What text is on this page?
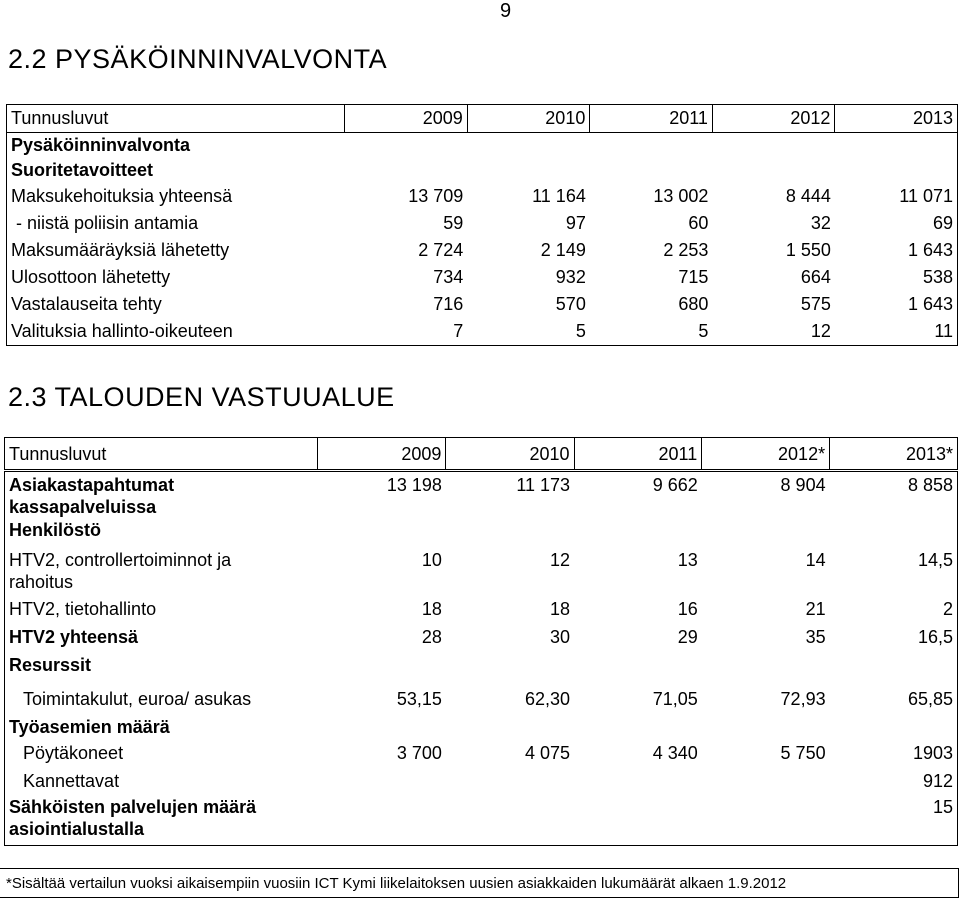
9
2.2 PYSÄKÖINNINVALVONTA
Tunnusluvut	2009	2010	2011	2012	2013
Pysäköinninvalvonta					
Suoritetavoitteet					
Maksukehoituksia yhteensä	13 709	11 164	13 002	8 444	11 071
- niistä poliisin antamia	59	97	60	32	69
Maksumääräyksiä lähetetty	2 724	2 149	2 253	1 550	1 643
Ulosottoon lähetetty	734	932	715	664	538
Vastalauseita tehty	716	570	680	575	1 643
Valituksia hallinto-oikeuteen	7	5	5	12	11
2.3 TALOUDEN VASTUUALUE
Tunnusluvut	2009	2010	2011	2012*	2013*

Asiakastapahtumat
kassapalveluissa	13 198	11 173	9 662	8 904	8 858
Henkilöstö					

HTV2, controllertoiminnot ja
rahoitus	10	12	13	14	14,5
HTV2, tietohallinto	18	18	16	21	2
HTV2 yhteensä	28	30	29	35	16,5
Resurssit					
Toimintakulut, euroa/ asukas	53,15	62,30	71,05	72,93	65,85
Työasemien määrä					
Pöytäkoneet	3 700	4 075	4 340	5 750	1903
Kannettavat					912

Sähköisten palvelujen määrä
asiointialustalla					15
*Sisältää vertailun vuoksi aikaisempiin vuosiin ICT Kymi liikelaitoksen uusien asiakkaiden lukumäärät alkaen 1.9.2012
